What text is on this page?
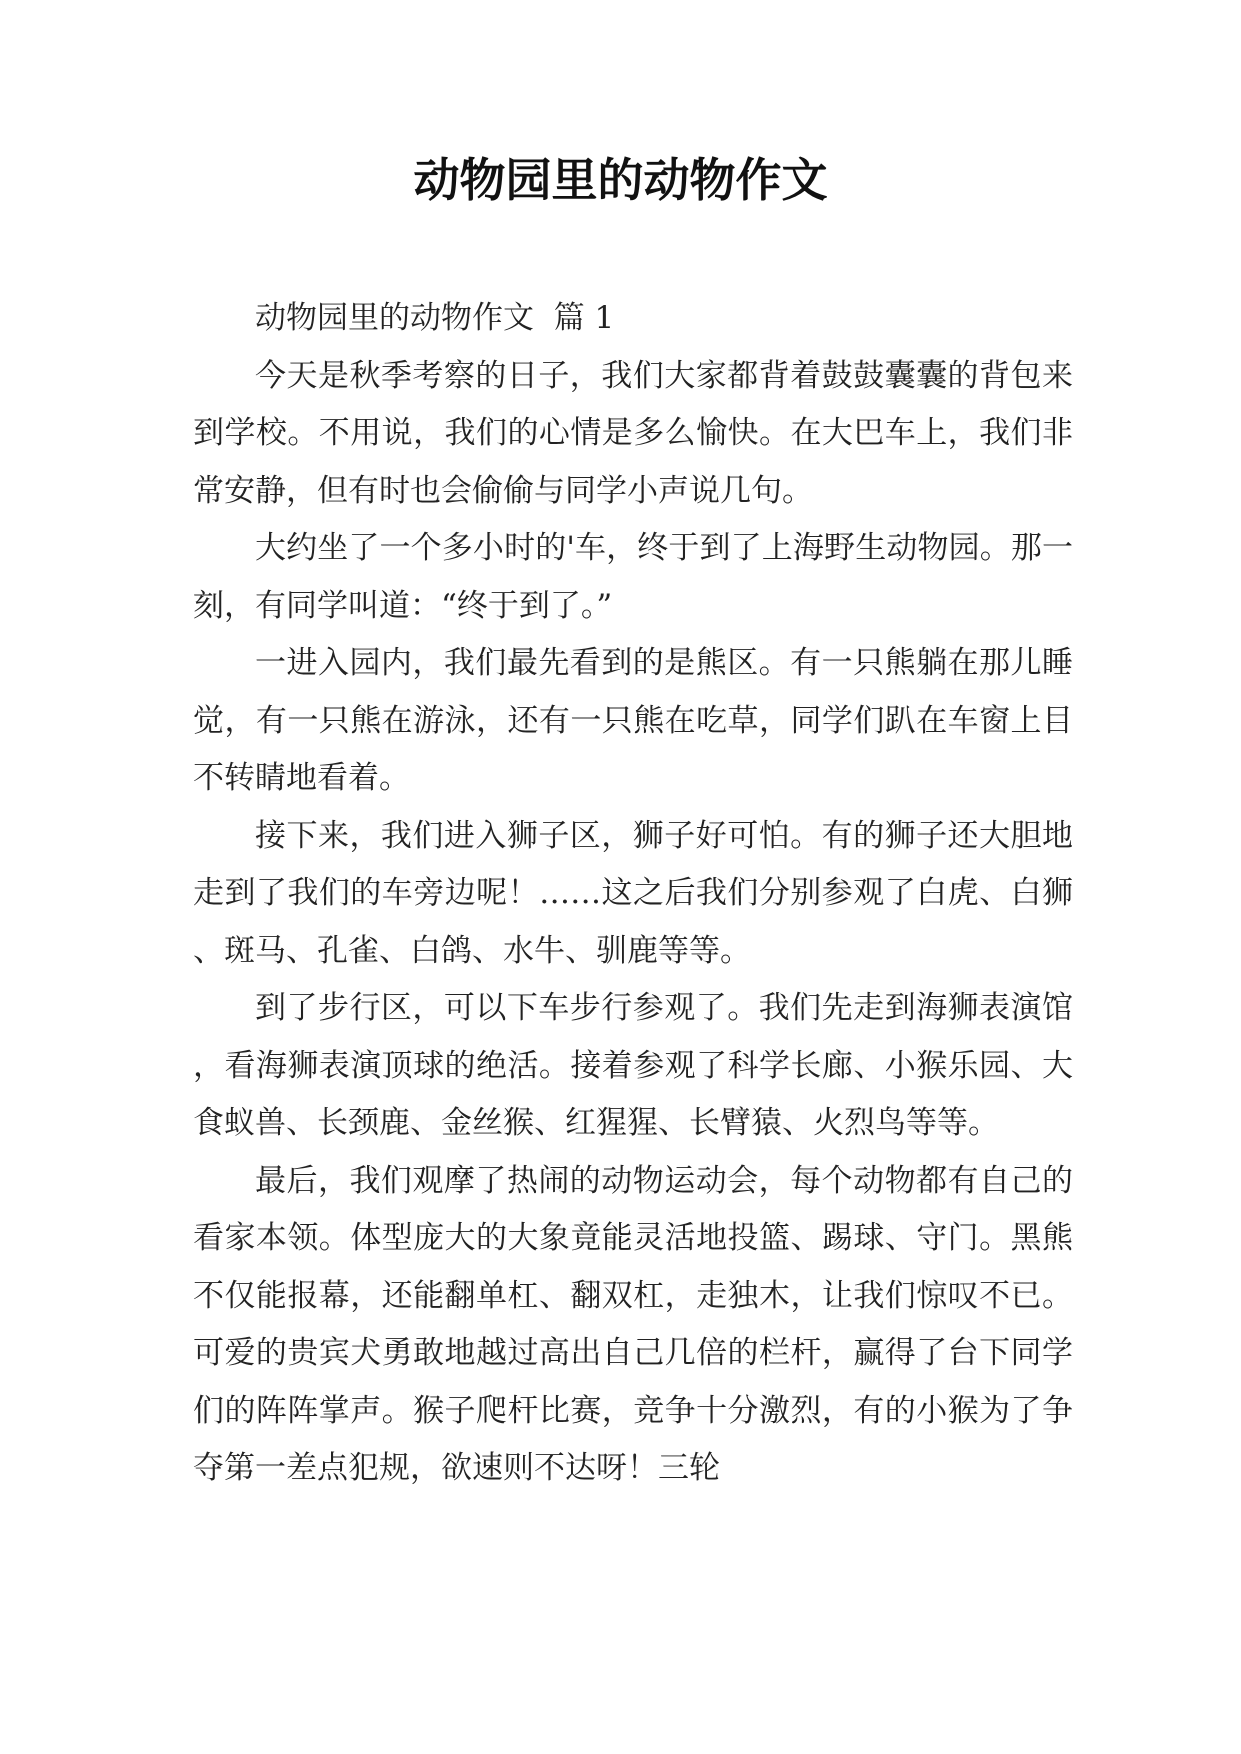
动物园里的动物作文

动物园里的动物作文  篇 1

今天是秋季考察的日子，我们大家都背着鼓鼓囊囊的背包来到学校。不用说，我们的心情是多么愉快。在大巴车上，我们非常安静，但有时也会偷偷与同学小声说几句。

大约坐了一个多小时的'车，终于到了上海野生动物园。那一刻，有同学叫道：“终于到了。”

一进入园内，我们最先看到的是熊区。有一只熊躺在那儿睡觉，有一只熊在游泳，还有一只熊在吃草，同学们趴在车窗上目不转睛地看着。

接下来，我们进入狮子区，狮子好可怕。有的狮子还大胆地走到了我们的车旁边呢！……这之后我们分别参观了白虎、白狮、斑马、孔雀、白鸽、水牛、驯鹿等等。

到了步行区，可以下车步行参观了。我们先走到海狮表演馆，看海狮表演顶球的绝活。接着参观了科学长廊、小猴乐园、大食蚁兽、长颈鹿、金丝猴、红猩猩、长臂猿、火烈鸟等等。

最后，我们观摩了热闹的动物运动会，每个动物都有自己的看家本领。体型庞大的大象竟能灵活地投篮、踢球、守门。黑熊不仅能报幕，还能翻单杠、翻双杠，走独木，让我们惊叹不已。可爱的贵宾犬勇敢地越过高出自己几倍的栏杆，赢得了台下同学们的阵阵掌声。猴子爬杆比赛，竞争十分激烈，有的小猴为了争夺第一差点犯规，欲速则不达呀！三轮
